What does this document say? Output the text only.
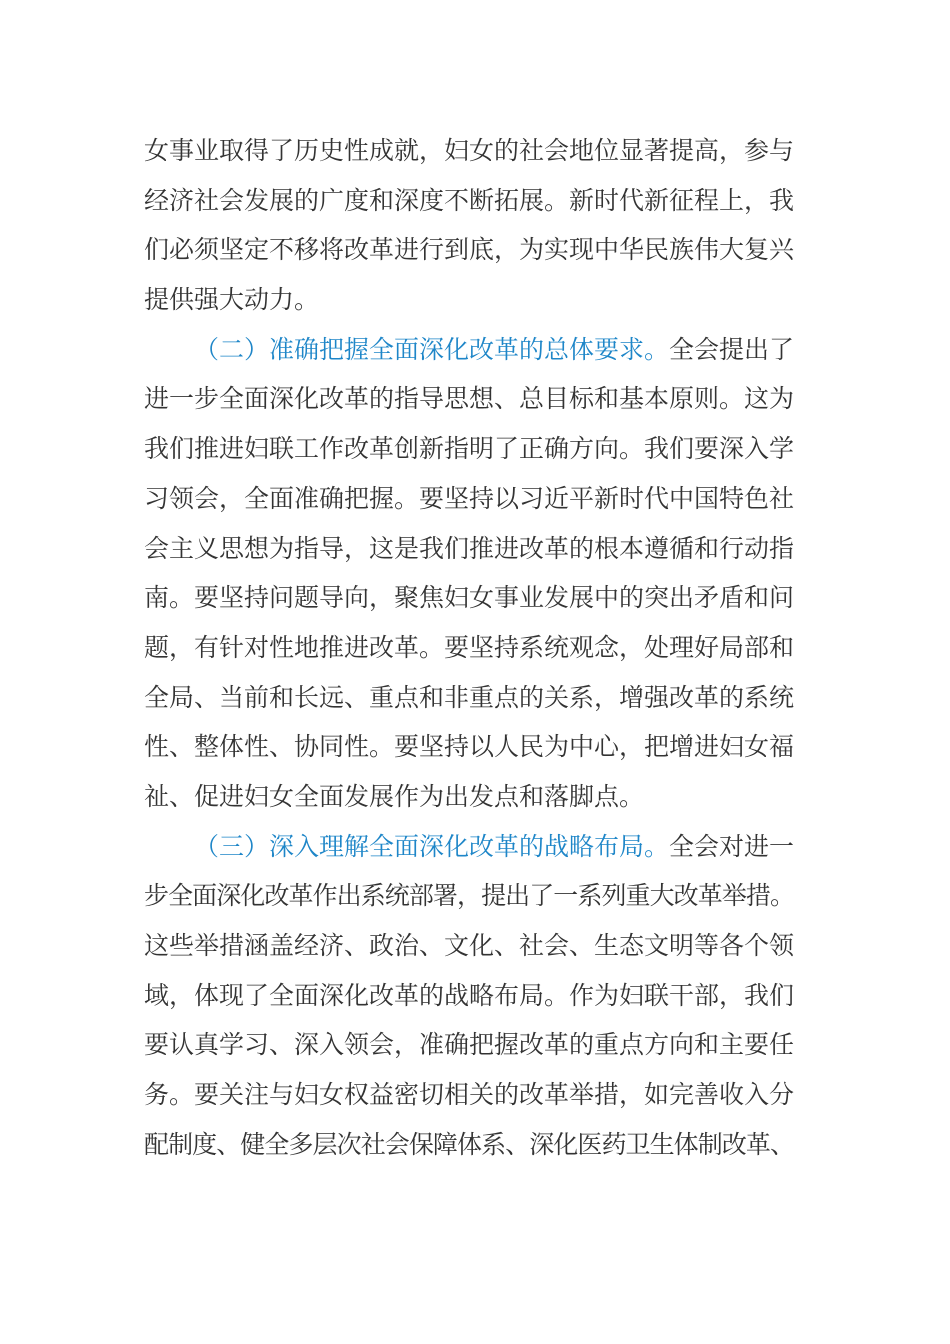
女事业取得了历史性成就，妇女的社会地位显著提高，参与
经济社会发展的广度和深度不断拓展。新时代新征程上，我
们必须坚定不移将改革进行到底，为实现中华民族伟大复兴
提供强大动力。
（二）准确把握全面深化改革的总体要求。全会提出了
进一步全面深化改革的指导思想、总目标和基本原则。这为
我们推进妇联工作改革创新指明了正确方向。我们要深入学
习领会，全面准确把握。要坚持以习近平新时代中国特色社
会主义思想为指导，这是我们推进改革的根本遵循和行动指
南。要坚持问题导向，聚焦妇女事业发展中的突出矛盾和问
题，有针对性地推进改革。要坚持系统观念，处理好局部和
全局、当前和长远、重点和非重点的关系，增强改革的系统
性、整体性、协同性。要坚持以人民为中心，把增进妇女福
祉、促进妇女全面发展作为出发点和落脚点。
（三）深入理解全面深化改革的战略布局。全会对进一
步全面深化改革作出系统部署，提出了一系列重大改革举措。
这些举措涵盖经济、政治、文化、社会、生态文明等各个领
域，体现了全面深化改革的战略布局。作为妇联干部，我们
要认真学习、深入领会，准确把握改革的重点方向和主要任
务。要关注与妇女权益密切相关的改革举措，如完善收入分
配制度、健全多层次社会保障体系、深化医药卫生体制改革、
